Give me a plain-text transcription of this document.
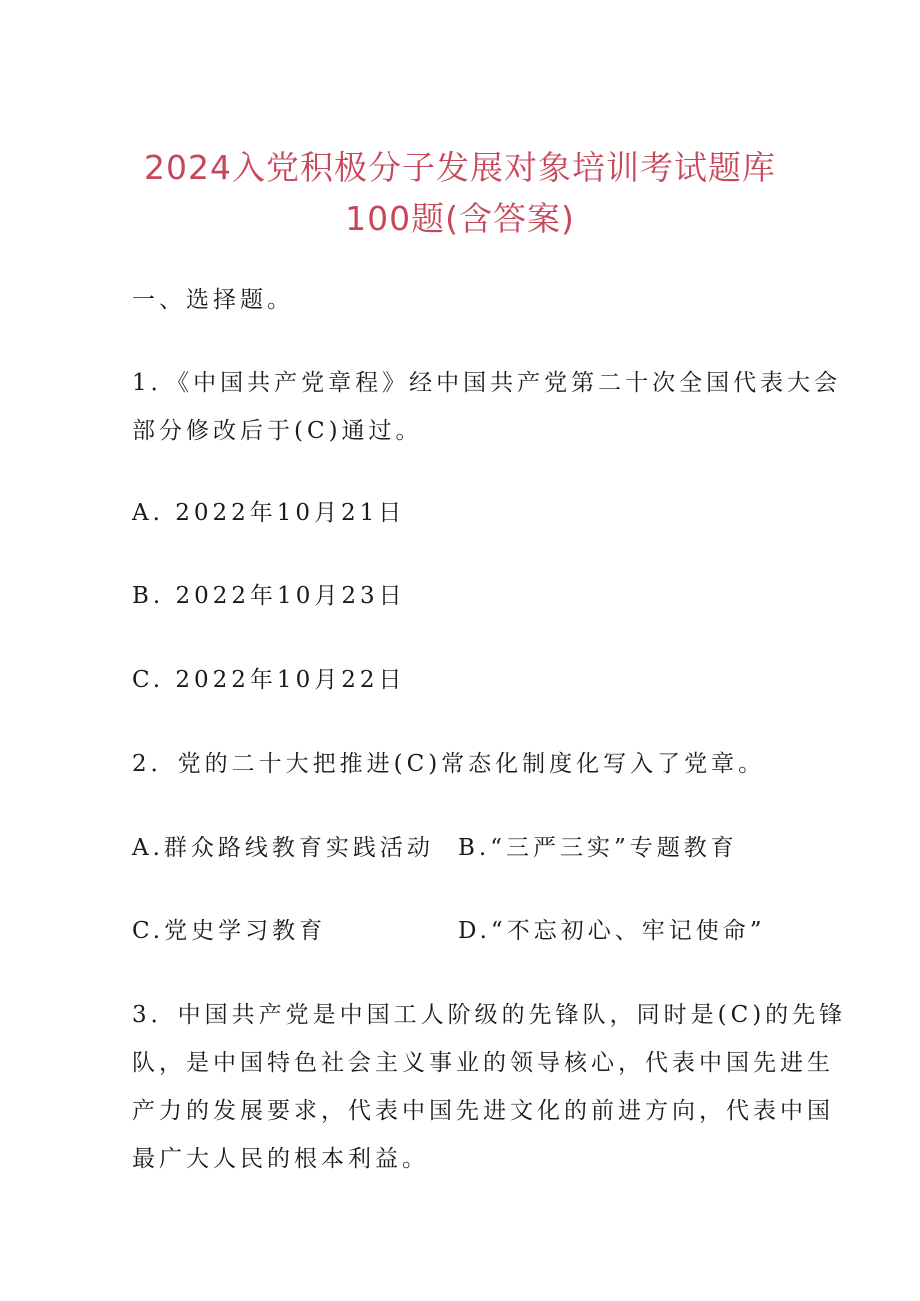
2024入党积极分子发展对象培训考试题库
100题(含答案)
一、选择题。
1．《中国共产党章程》经中国共产党第二十次全国代表大会
部分修改后于(C)通过。
A. 2022年10月21日
B. 2022年10月23日
C. 2022年10月22日
2．党的二十大把推进(C)常态化制度化写入了党章。
A.群众路线教育实践活动 B.“三严三实”专题教育
C.党史学习教育	D.“不忘初心、牢记使命”
3．中国共产党是中国工人阶级的先锋队，同时是(C)的先锋
队，是中国特色社会主义事业的领导核心，代表中国先进生
产力的发展要求，代表中国先进文化的前进方向，代表中国
最广大人民的根本利益。
